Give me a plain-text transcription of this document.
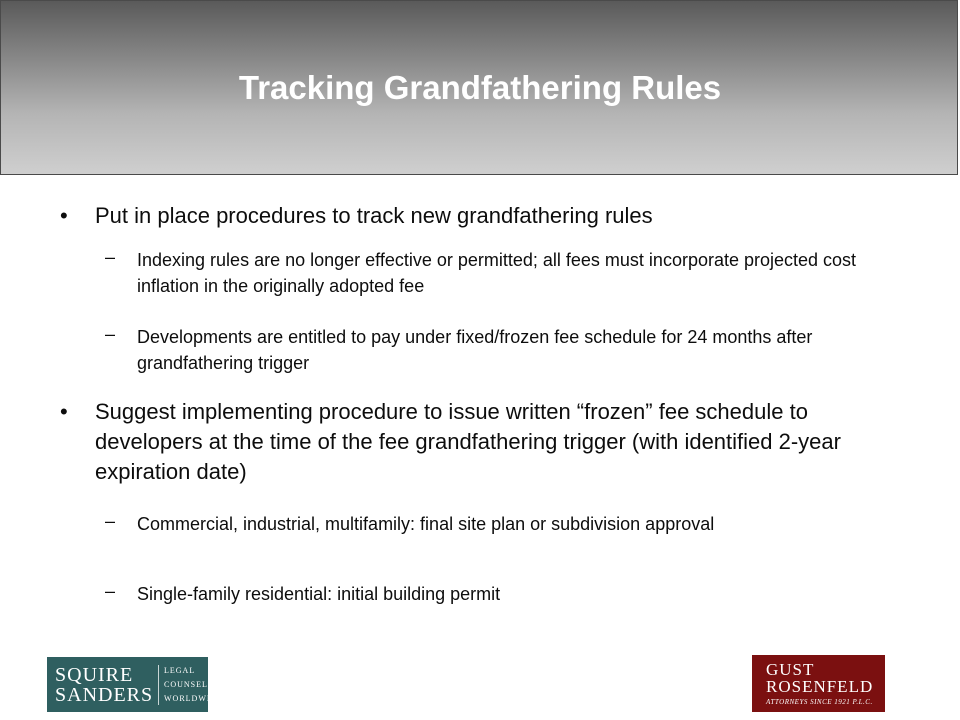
Tracking Grandfathering Rules
• Put in place procedures to track new grandfathering rules
– Indexing rules are no longer effective or permitted; all fees must incorporate projected cost inflation in the originally adopted fee
– Developments are entitled to pay under fixed/frozen fee schedule for 24 months after grandfathering trigger
• Suggest implementing procedure to issue written “frozen” fee schedule to developers at the time of the fee grandfathering trigger (with identified 2-year expiration date)
– Commercial, industrial, multifamily: final site plan or subdivision approval
– Single-family residential: initial building permit
SQUIRE
SANDERS
LEGAL
COUNSEL
WORLDWIDE
GUST
ROSENFELD
ATTORNEYS SINCE 1921 P.L.C.
